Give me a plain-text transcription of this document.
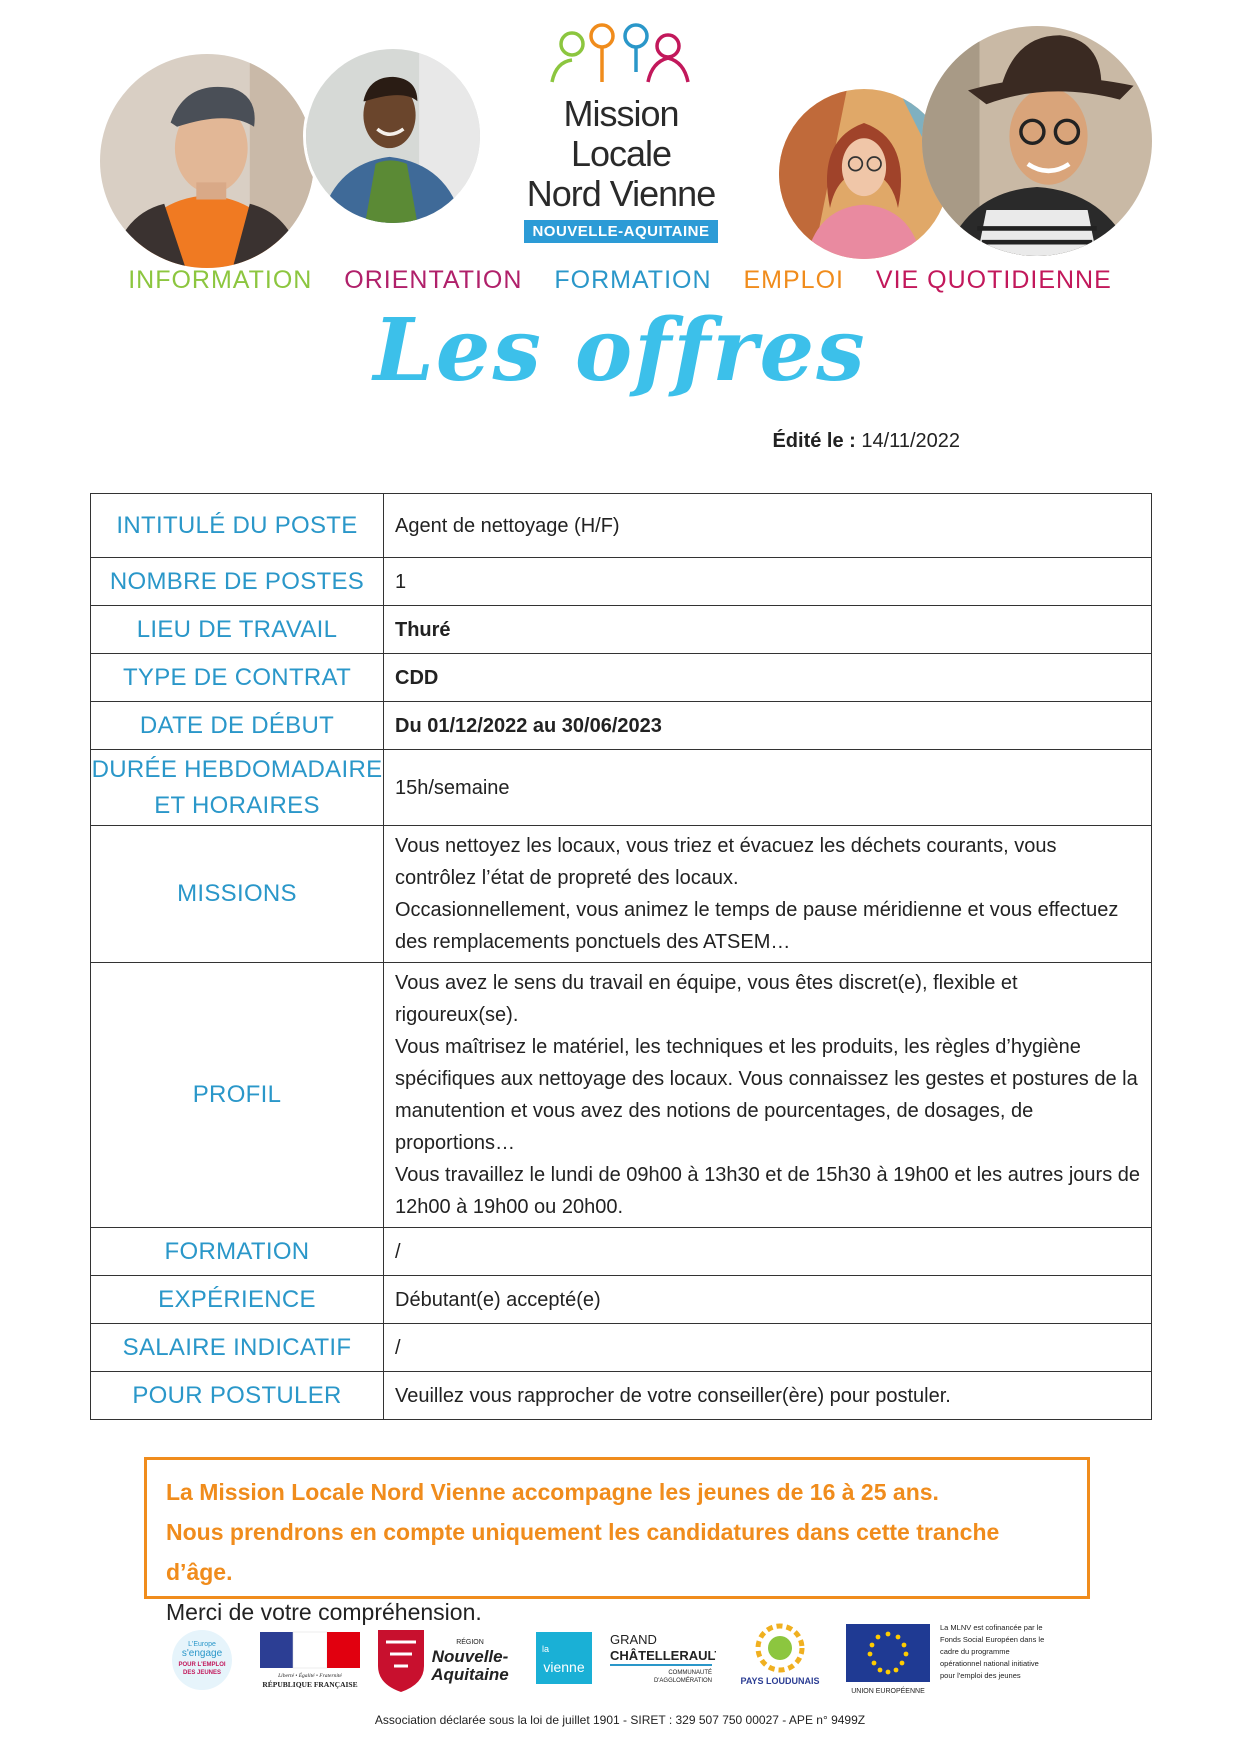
Mission Locale
Nord Vienne
NOUVELLE-AQUITAINE
INFORMATION ORIENTATION FORMATION EMPLOI VIE QUOTIDIENNE
Les offres
Édité le : 14/11/2022
INTITULÉ DU POSTE	Agent de nettoyage (H/F)
NOMBRE DE POSTES	1
LIEU DE TRAVAIL	Thuré
TYPE DE CONTRAT	CDD
DATE DE DÉBUT	Du 01/12/2022 au 30/06/2023

DURÉE HEBDOMADAIRE
ET HORAIRES	15h/semaine
MISSIONS	Vous nettoyez les locaux, vous triez et évacuez les déchets courants, vous contrôlez l’état de propreté des locaux.
Occasionnellement, vous animez le temps de pause méridienne et vous effectuez des remplacements ponctuels des ATSEM…

PROFIL	Vous avez le sens du travail en équipe, vous êtes discret(e), flexible et rigoureux(se).
Vous maîtrisez le matériel, les techniques et les produits, les règles d’hygiène spécifiques aux nettoyage des locaux. Vous connaissez les gestes et postures de la manutention et vous avez des notions de pourcentages, de dosages, de proportions…
Vous travaillez le lundi de 09h00 à 13h30 et de 15h30 à 19h00 et les autres jours de 12h00 à 19h00 ou 20h00.

FORMATION	/
EXPÉRIENCE	Débutant(e) accepté(e)
SALAIRE INDICATIF	/
POUR POSTULER	Veuillez vous rapprocher de votre conseiller(ère) pour postuler.
La Mission Locale Nord Vienne accompagne les jeunes de 16 à 25 ans.
Nous prendrons en compte uniquement les candidatures dans cette tranche d’âge.
Merci de votre compréhension.
L'Europe
s'engage
POUR L'EMPLOI
DES JEUNES	Liberté • Égalité • Fraternité
RÉPUBLIQUE FRANÇAISE
RÉGION
Nouvelle-
Aquitaine
la
vienne
GRAND
CHÂTELLERAULT
COMMUNAUTÉ
D'AGGLOMÉRATION	PAYS LOUDUNAIS
UNION EUROPÉENNE
La MLNV est cofinancée par le
Fonds Social Européen dans le
cadre du programme
opérationnel national initiative
pour l'emploi des jeunes
Association déclarée sous la loi de juillet 1901 - SIRET : 329 507 750 00027 - APE n° 9499Z
